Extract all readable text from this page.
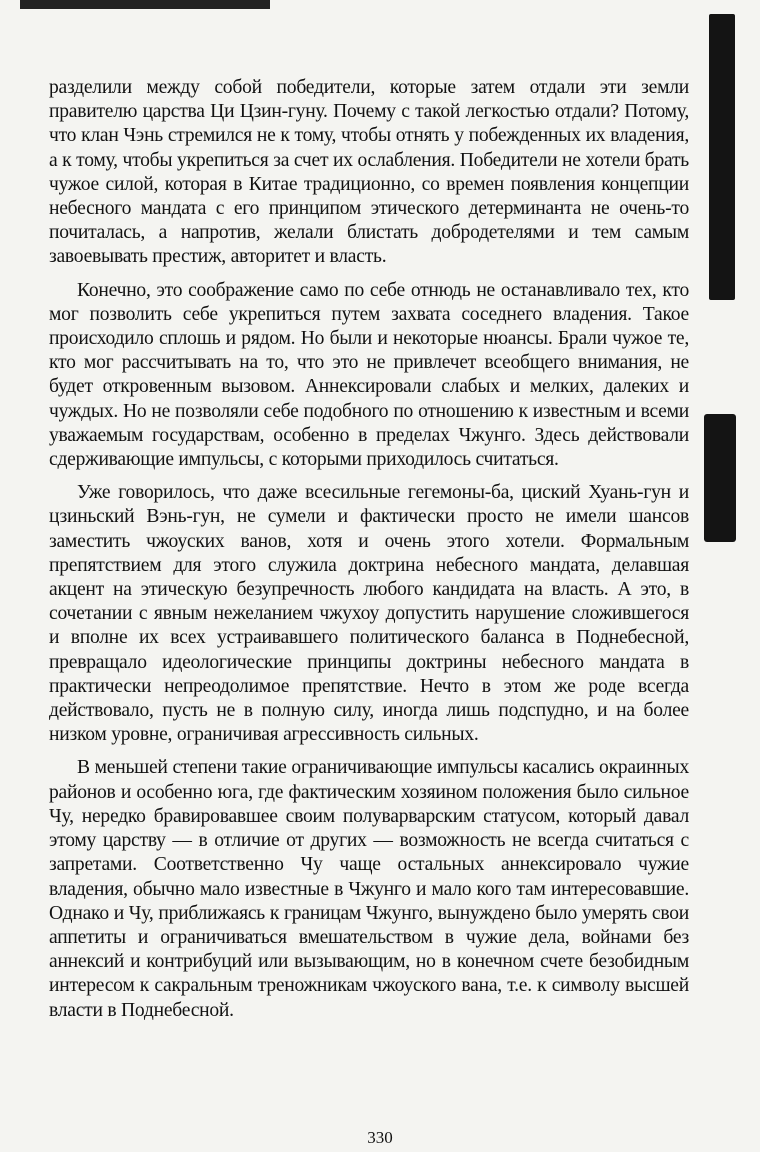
разделили между собой победители, которые затем отдали эти земли правителю царства Ци Цзин-гуну. Почему с такой легкостью отдали? Потому, что клан Чэнь стремился не к тому, чтобы отнять у побежденных их владения, а к тому, чтобы укрепиться за счет их ослабления. Победители не хотели брать чужое силой, которая в Китае традиционно, со времен появления концепции небесного мандата с его принципом этического детерминанта не очень-то почиталась, а напротив, желали блистать добродетелями и тем самым завоевывать престиж, авторитет и власть.

Конечно, это соображение само по себе отнюдь не останавливало тех, кто мог позволить себе укрепиться путем захвата соседнего владения. Такое происходило сплошь и рядом. Но были и некоторые нюансы. Брали чужое те, кто мог рассчитывать на то, что это не привлечет всеобщего внимания, не будет откровенным вызовом. Аннексировали слабых и мелких, далеких и чуждых. Но не позволяли себе подобного по отношению к известным и всеми уважаемым государствам, особенно в пределах Чжунго. Здесь действовали сдерживающие импульсы, с которыми приходилось считаться.

Уже говорилось, что даже всесильные гегемоны-ба, циский Хуань-гун и цзиньский Вэнь-гун, не сумели и фактически просто не имели шансов заместить чжоуских ванов, хотя и очень этого хотели. Формальным препятствием для этого служила доктрина небесного мандата, делавшая акцент на этическую безупречность любого кандидата на власть. А это, в сочетании с явным нежеланием чжухоу допустить нарушение сложившегося и вполне их всех устраивавшего политического баланса в Поднебесной, превращало идеологические принципы доктрины небесного мандата в практически непреодолимое препятствие. Нечто в этом же роде всегда действовало, пусть не в полную силу, иногда лишь подспудно, и на более низком уровне, ограничивая агрессивность сильных.

В меньшей степени такие ограничивающие импульсы касались окраинных районов и особенно юга, где фактическим хозяином положения было сильное Чу, нередко бравировавшее своим полуварварским статусом, который давал этому царству — в отличие от других — возможность не всегда считаться с запретами. Соответственно Чу чаще остальных аннексировало чужие владения, обычно мало известные в Чжунго и мало кого там интересовавшие. Однако и Чу, приближаясь к границам Чжунго, вынуждено было умерять свои аппетиты и ограничиваться вмешательством в чужие дела, войнами без аннексий и контрибуций или вызывающим, но в конечном счете безобидным интересом к сакральным треножникам чжоуского вана, т.е. к символу высшей власти в Поднебесной.

330
